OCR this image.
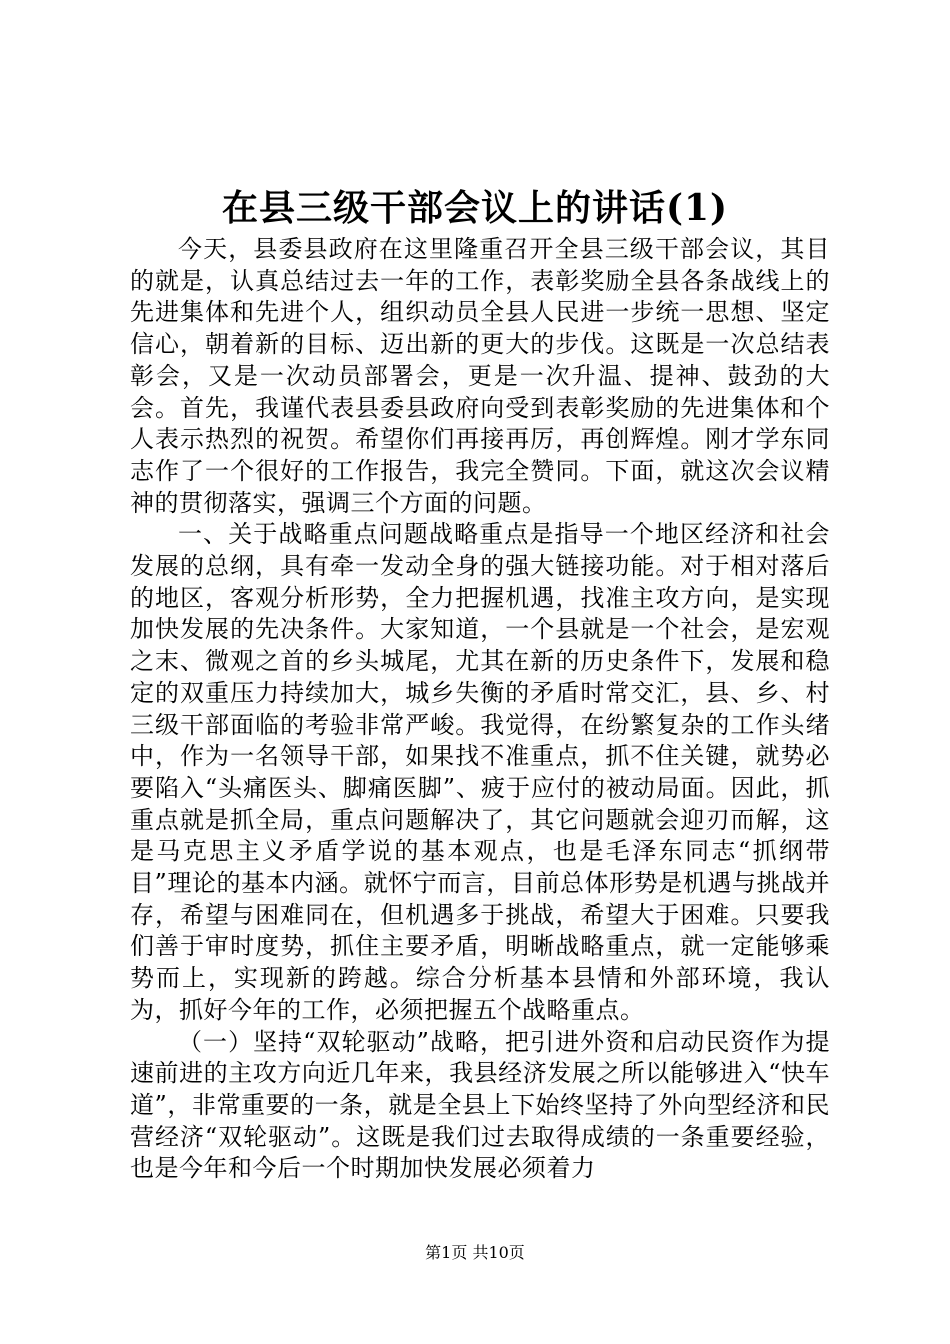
在县三级干部会议上的讲话(1)

今天，县委县政府在这里隆重召开全县三级干部会议，其目的就是，认真总结过去一年的工作，表彰奖励全县各条战线上的先进集体和先进个人，组织动员全县人民进一步统一思想、坚定信心，朝着新的目标、迈出新的更大的步伐。这既是一次总结表彰会，又是一次动员部署会，更是一次升温、提神、鼓劲的大会。首先，我谨代表县委县政府向受到表彰奖励的先进集体和个人表示热烈的祝贺。希望你们再接再厉，再创辉煌。刚才学东同志作了一个很好的工作报告，我完全赞同。下面，就这次会议精神的贯彻落实，强调三个方面的问题。

一、关于战略重点问题战略重点是指导一个地区经济和社会发展的总纲，具有牵一发动全身的强大链接功能。对于相对落后的地区，客观分析形势，全力把握机遇，找准主攻方向，是实现加快发展的先决条件。大家知道，一个县就是一个社会，是宏观之末、微观之首的乡头城尾，尤其在新的历史条件下，发展和稳定的双重压力持续加大，城乡失衡的矛盾时常交汇，县、乡、村三级干部面临的考验非常严峻。我觉得，在纷繁复杂的工作头绪中，作为一名领导干部，如果找不准重点，抓不住关键，就势必要陷入“头痛医头、脚痛医脚”、疲于应付的被动局面。因此，抓重点就是抓全局，重点问题解决了，其它问题就会迎刃而解，这是马克思主义矛盾学说的基本观点，也是毛泽东同志“抓纲带目”理论的基本内涵。就怀宁而言，目前总体形势是机遇与挑战并存，希望与困难同在，但机遇多于挑战，希望大于困难。只要我们善于审时度势，抓住主要矛盾，明晰战略重点，就一定能够乘势而上，实现新的跨越。综合分析基本县情和外部环境，我认为，抓好今年的工作，必须把握五个战略重点。

（一）坚持“双轮驱动”战略，把引进外资和启动民资作为提速前进的主攻方向近几年来，我县经济发展之所以能够进入“快车道”，非常重要的一条，就是全县上下始终坚持了外向型经济和民营经济“双轮驱动”。这既是我们过去取得成绩的一条重要经验，也是今年和今后一个时期加快发展必须着力

第1页 共10页
